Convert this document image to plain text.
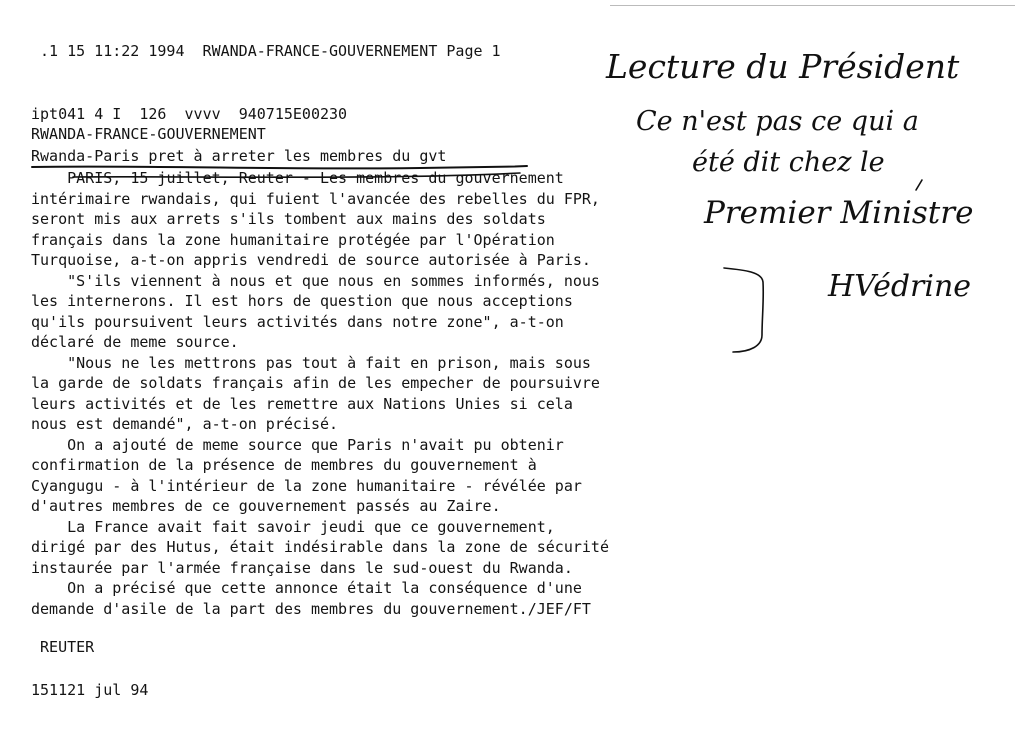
.1 15 11:22 1994  RWANDA-FRANCE-GOUVERNEMENT Page 1
ipt041 4 I  126  vvvv  940715E00230
RWANDA-FRANCE-GOUVERNEMENT
Rwanda-Paris pret à arreter les membres du gvt
PARIS, 15 juillet, Reuter - Les membres du gouvernement
intérimaire rwandais, qui fuient l'avancée des rebelles du FPR,
seront mis aux arrets s'ils tombent aux mains des soldats
français dans la zone humanitaire protégée par l'Opération
Turquoise, a-t-on appris vendredi de source autorisée à Paris.
"S'ils viennent à nous et que nous en sommes informés, nous
les internerons. Il est hors de question que nous acceptions
qu'ils poursuivent leurs activités dans notre zone", a-t-on
déclaré de meme source.
"Nous ne les mettrons pas tout à fait en prison, mais sous
la garde de soldats français afin de les empecher de poursuivre
leurs activités et de les remettre aux Nations Unies si cela
nous est demandé", a-t-on précisé.
On a ajouté de meme source que Paris n'avait pu obtenir
confirmation de la présence de membres du gouvernement à
Cyangugu - à l'intérieur de la zone humanitaire - révélée par
d'autres membres de ce gouvernement passés au Zaire.
La France avait fait savoir jeudi que ce gouvernement,
dirigé par des Hutus, était indésirable dans la zone de sécurité
instaurée par l'armée française dans le sud-ouest du Rwanda.
On a précisé que cette annonce était la conséquence d'une
demande d'asile de la part des membres du gouvernement./JEF/FT
REUTER
151121 jul 94
Lecture du Président
Ce n'est pas ce qui a
été dit chez le
Premier Ministre
HVédrine
